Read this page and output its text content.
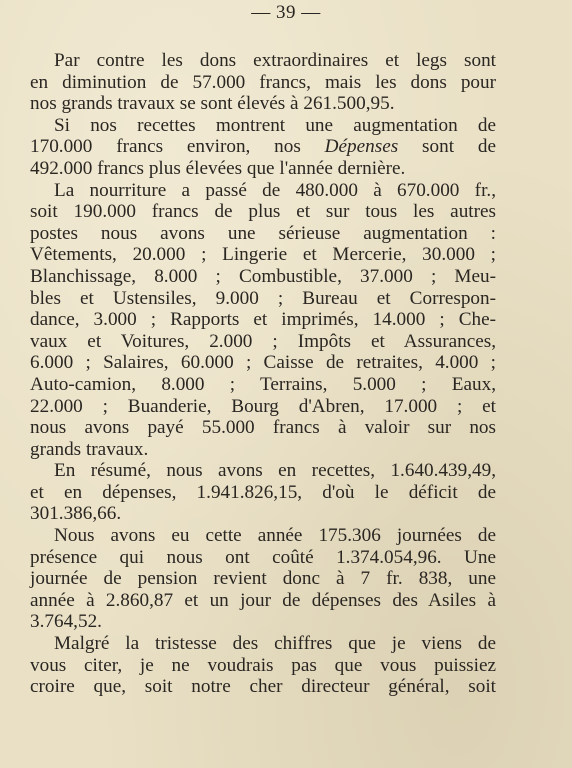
— 39 —

Par contre les dons extraordinaires et legs sont
en diminution de 57.000 francs, mais les dons pour
nos grands travaux se sont élevés à 261.500,95.

Si nos recettes montrent une augmentation de
170.000 francs environ, nos Dépenses sont de
492.000 francs plus élevées que l'année dernière.

La nourriture a passé de 480.000 à 670.000 fr.,
soit 190.000 francs de plus et sur tous les autres
postes nous avons une sérieuse augmentation :
Vêtements, 20.000 ; Lingerie et Mercerie, 30.000 ;
Blanchissage, 8.000 ; Combustible, 37.000 ; Meu-
bles et Ustensiles, 9.000 ; Bureau et Correspon-
dance, 3.000 ; Rapports et imprimés, 14.000 ; Che-
vaux et Voitures, 2.000 ; Impôts et Assurances,
6.000 ; Salaires, 60.000 ; Caisse de retraites, 4.000 ;
Auto-camion, 8.000 ; Terrains, 5.000 ; Eaux,
22.000 ; Buanderie, Bourg d'Abren, 17.000 ; et
nous avons payé 55.000 francs à valoir sur nos
grands travaux.

En résumé, nous avons en recettes, 1.640.439,49,
et en dépenses, 1.941.826,15, d'où le déficit de
301.386,66.

Nous avons eu cette année 175.306 journées de
présence qui nous ont coûté 1.374.054,96. Une
journée de pension revient donc à 7 fr. 838, une
année à 2.860,87 et un jour de dépenses des Asiles à
3.764,52.

Malgré la tristesse des chiffres que je viens de
vous citer, je ne voudrais pas que vous puissiez
croire que, soit notre cher directeur général, soit
